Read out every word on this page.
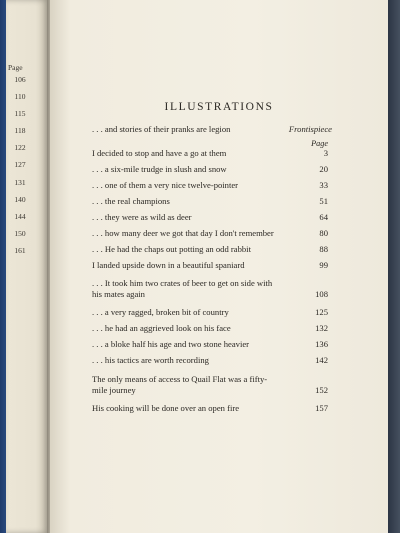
Page
106
110
115
118
122
127
131
140
144
150
161
ILLUSTRATIONS
. . . and stories of their pranks are legion	Frontispiece
Page
I decided to stop and have a go at them	3
. . . a six-mile trudge in slush and snow	20
. . . one of them a very nice twelve-pointer	33
. . . the real champions	51
. . . they were as wild as deer	64
. . . how many deer we got that day I don't remember	80
. . . He had the chaps out potting an odd rabbit	88
I landed upside down in a beautiful spaniard	99
. . . It took him two crates of beer to get on side with his mates again	108
. . . a very ragged, broken bit of country	125
. . . he had an aggrieved look on his face	132
. . . a bloke half his age and two stone heavier	136
. . . his tactics are worth recording	142
The only means of access to Quail Flat was a fifty-mile journey	152
His cooking will be done over an open fire	157
